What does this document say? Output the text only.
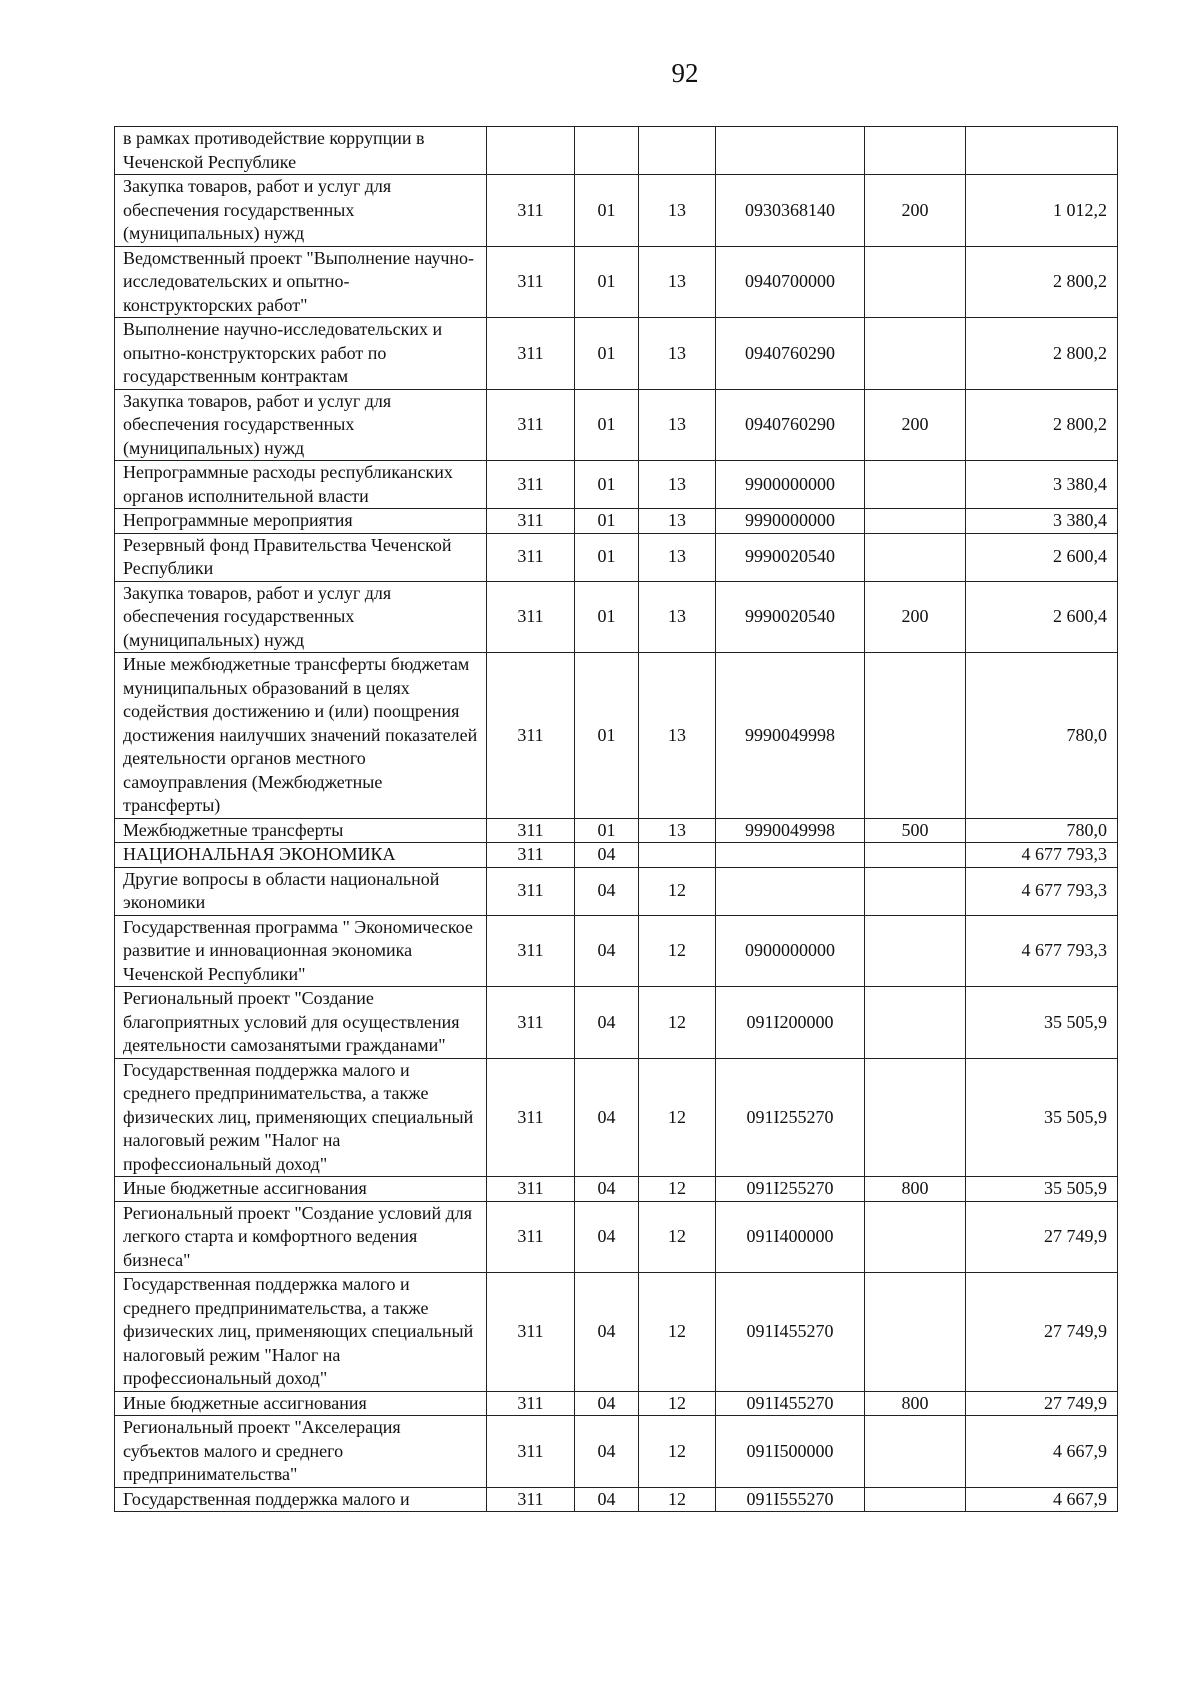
92
в рамках противодействие коррупции в Чеченской Республике						
Закупка товаров, работ и услуг для обеспечения государственных (муниципальных) нужд	311	01	13	0930368140	200	1 012,2
Ведомственный проект "Выполнение научно-исследовательских и опытно-конструкторских работ"	311	01	13	0940700000		2 800,2
Выполнение научно-исследовательских и опытно-конструкторских работ по государственным контрактам	311	01	13	0940760290		2 800,2
Закупка товаров, работ и услуг для обеспечения государственных (муниципальных) нужд	311	01	13	0940760290	200	2 800,2
Непрограммные расходы республиканских органов исполнительной власти	311	01	13	9900000000		3 380,4
Непрограммные мероприятия	311	01	13	9990000000		3 380,4
Резервный фонд Правительства Чеченской Республики	311	01	13	9990020540		2 600,4
Закупка товаров, работ и услуг для обеспечения государственных (муниципальных) нужд	311	01	13	9990020540	200	2 600,4
Иные межбюджетные трансферты бюджетам муниципальных образований в целях содействия достижению и (или) поощрения достижения наилучших значений показателей деятельности органов местного самоуправления (Межбюджетные трансферты)	311	01	13	9990049998		780,0
Межбюджетные трансферты	311	01	13	9990049998	500	780,0
НАЦИОНАЛЬНАЯ ЭКОНОМИКА	311	04				4 677 793,3
Другие вопросы в области национальной экономики	311	04	12			4 677 793,3
Государственная программа " Экономическое развитие и инновационная экономика Чеченской Республики"	311	04	12	0900000000		4 677 793,3
Региональный проект "Создание благоприятных условий для осуществления деятельности самозанятыми гражданами"	311	04	12	091I200000		35 505,9
Государственная поддержка малого и среднего предпринимательства, а также физических лиц, применяющих специальный налоговый режим "Налог на профессиональный доход"	311	04	12	091I255270		35 505,9
Иные бюджетные ассигнования	311	04	12	091I255270	800	35 505,9
Региональный проект "Создание условий для легкого старта и комфортного ведения бизнеса"	311	04	12	091I400000		27 749,9
Государственная поддержка малого и среднего предпринимательства, а также физических лиц, применяющих специальный налоговый режим "Налог на профессиональный доход"	311	04	12	091I455270		27 749,9
Иные бюджетные ассигнования	311	04	12	091I455270	800	27 749,9
Региональный проект "Акселерация субъектов малого и среднего предпринимательства"	311	04	12	091I500000		4 667,9
Государственная поддержка малого и	311	04	12	091I555270		4 667,9
